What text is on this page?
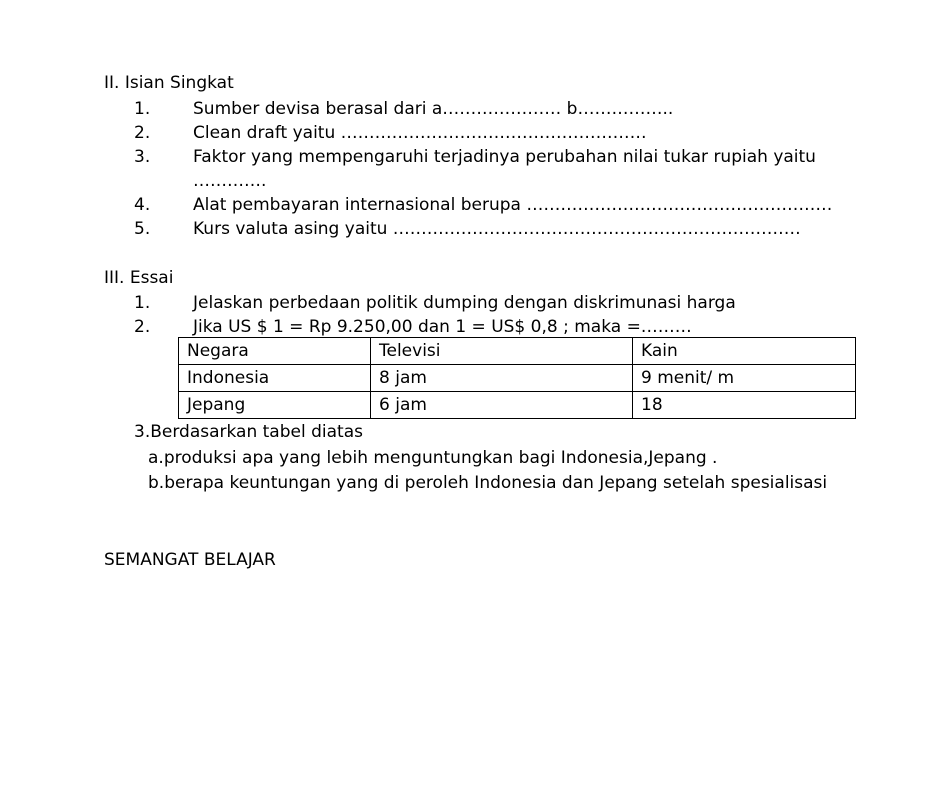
II. Isian Singkat
1.	Sumber devisa berasal dari a………………… b……………..
2.	Clean draft yaitu ………………………………………………
3.	Faktor yang mempengaruhi terjadinya perubahan nilai tukar rupiah yaitu
………….
4.	Alat pembayaran internasional berupa ………………………………………………
5.	Kurs valuta asing yaitu ………………………………………………………………
III. Essai
1.	Jelaskan perbedaan politik dumping dengan diskrimunasi harga
2.	Jika US $ 1 = Rp 9.250,00 dan 1 = US$ 0,8 ; maka =………
Negara	Televisi	Kain
Indonesia	8 jam	9 menit/ m
Jepang	6 jam	18
3.Berdasarkan tabel diatas
a.produksi apa yang lebih menguntungkan bagi Indonesia,Jepang .
b.berapa keuntungan yang di peroleh Indonesia dan Jepang setelah spesialisasi
SEMANGAT BELAJAR
